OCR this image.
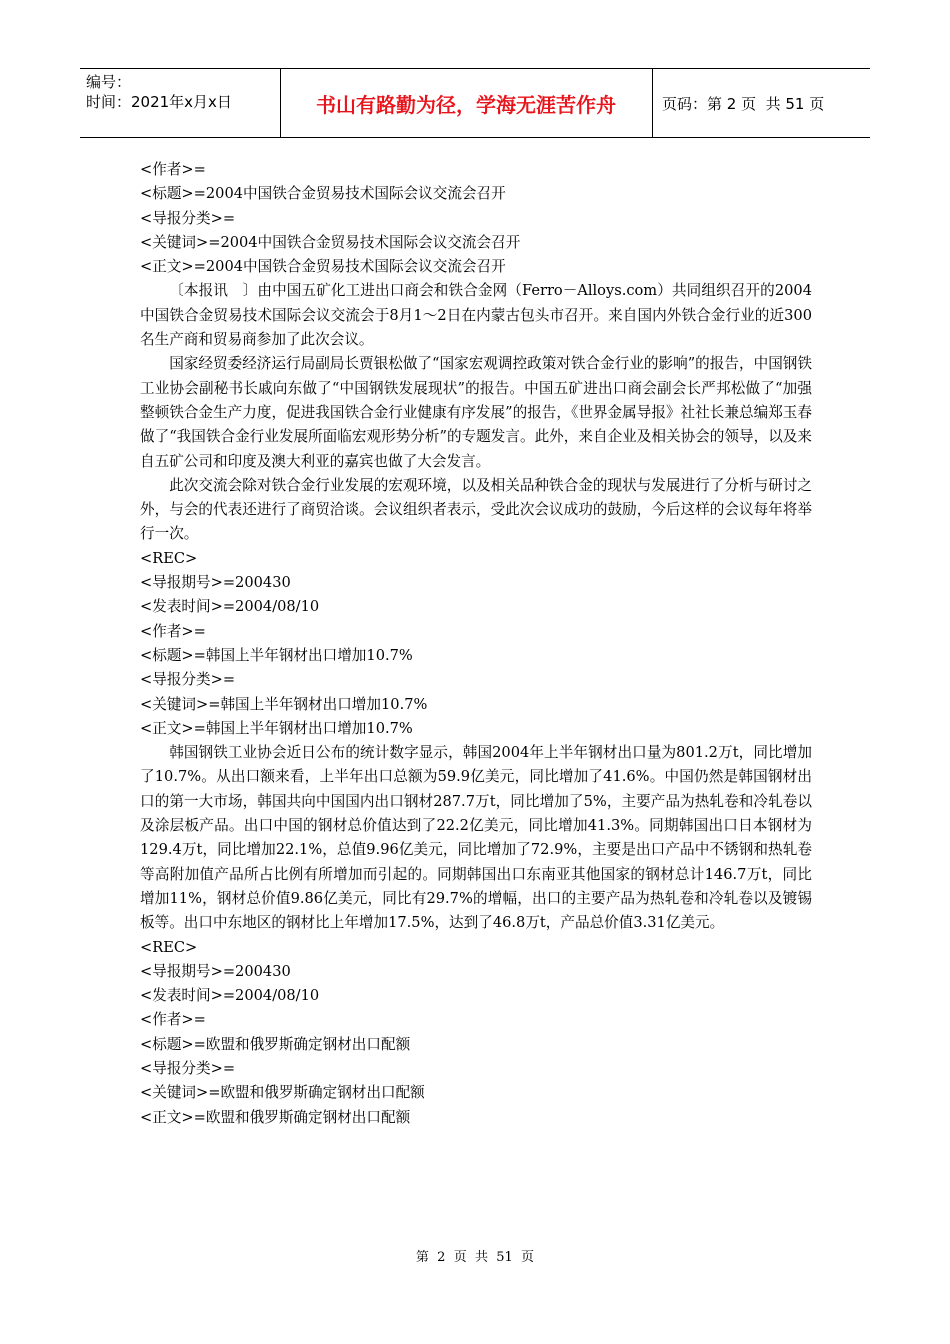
编号：
时间：2021年x月x日	书山有路勤为径，学海无涯苦作舟	页码：第 2 页  共 51 页
<作者>=
<标题>=2004中国铁合金贸易技术国际会议交流会召开
<导报分类>=
<关键词>=2004中国铁合金贸易技术国际会议交流会召开
<正文>=2004中国铁合金贸易技术国际会议交流会召开
〔本报讯　〕由中国五矿化工进出口商会和铁合金网（Ferro－Alloys.com）共同组织召开的2004中国铁合金贸易技术国际会议交流会于8月1～2日在内蒙古包头市召开。来自国内外铁合金行业的近300名生产商和贸易商参加了此次会议。
国家经贸委经济运行局副局长贾银松做了“国家宏观调控政策对铁合金行业的影响”的报告，中国钢铁工业协会副秘书长戚向东做了“中国钢铁发展现状”的报告。中国五矿进出口商会副会长严邦松做了“加强整顿铁合金生产力度，促进我国铁合金行业健康有序发展”的报告，《世界金属导报》社社长兼总编郑玉春做了“我国铁合金行业发展所面临宏观形势分析”的专题发言。此外，来自企业及相关协会的领导，以及来自五矿公司和印度及澳大利亚的嘉宾也做了大会发言。
此次交流会除对铁合金行业发展的宏观环境，以及相关品种铁合金的现状与发展进行了分析与研讨之外，与会的代表还进行了商贸洽谈。会议组织者表示，受此次会议成功的鼓励，今后这样的会议每年将举行一次。
<REC>
<导报期号>=200430
<发表时间>=2004/08/10
<作者>=
<标题>=韩国上半年钢材出口增加10.7%
<导报分类>=
<关键词>=韩国上半年钢材出口增加10.7%
<正文>=韩国上半年钢材出口增加10.7%
韩国钢铁工业协会近日公布的统计数字显示，韩国2004年上半年钢材出口量为801.2万t，同比增加了10.7%。从出口额来看，上半年出口总额为59.9亿美元，同比增加了41.6%。中国仍然是韩国钢材出口的第一大市场，韩国共向中国国内出口钢材287.7万t，同比增加了5%，主要产品为热轧卷和冷轧卷以及涂层板产品。出口中国的钢材总价值达到了22.2亿美元，同比增加41.3%。同期韩国出口日本钢材为129.4万t，同比增加22.1%，总值9.96亿美元，同比增加了72.9%，主要是出口产品中不锈钢和热轧卷等高附加值产品所占比例有所增加而引起的。同期韩国出口东南亚其他国家的钢材总计146.7万t，同比增加11%，钢材总价值9.86亿美元，同比有29.7%的增幅，出口的主要产品为热轧卷和冷轧卷以及镀锡板等。出口中东地区的钢材比上年增加17.5%，达到了46.8万t，产品总价值3.31亿美元。
<REC>
<导报期号>=200430
<发表时间>=2004/08/10
<作者>=
<标题>=欧盟和俄罗斯确定钢材出口配额
<导报分类>=
<关键词>=欧盟和俄罗斯确定钢材出口配额
<正文>=欧盟和俄罗斯确定钢材出口配额
第  2  页  共  51  页
